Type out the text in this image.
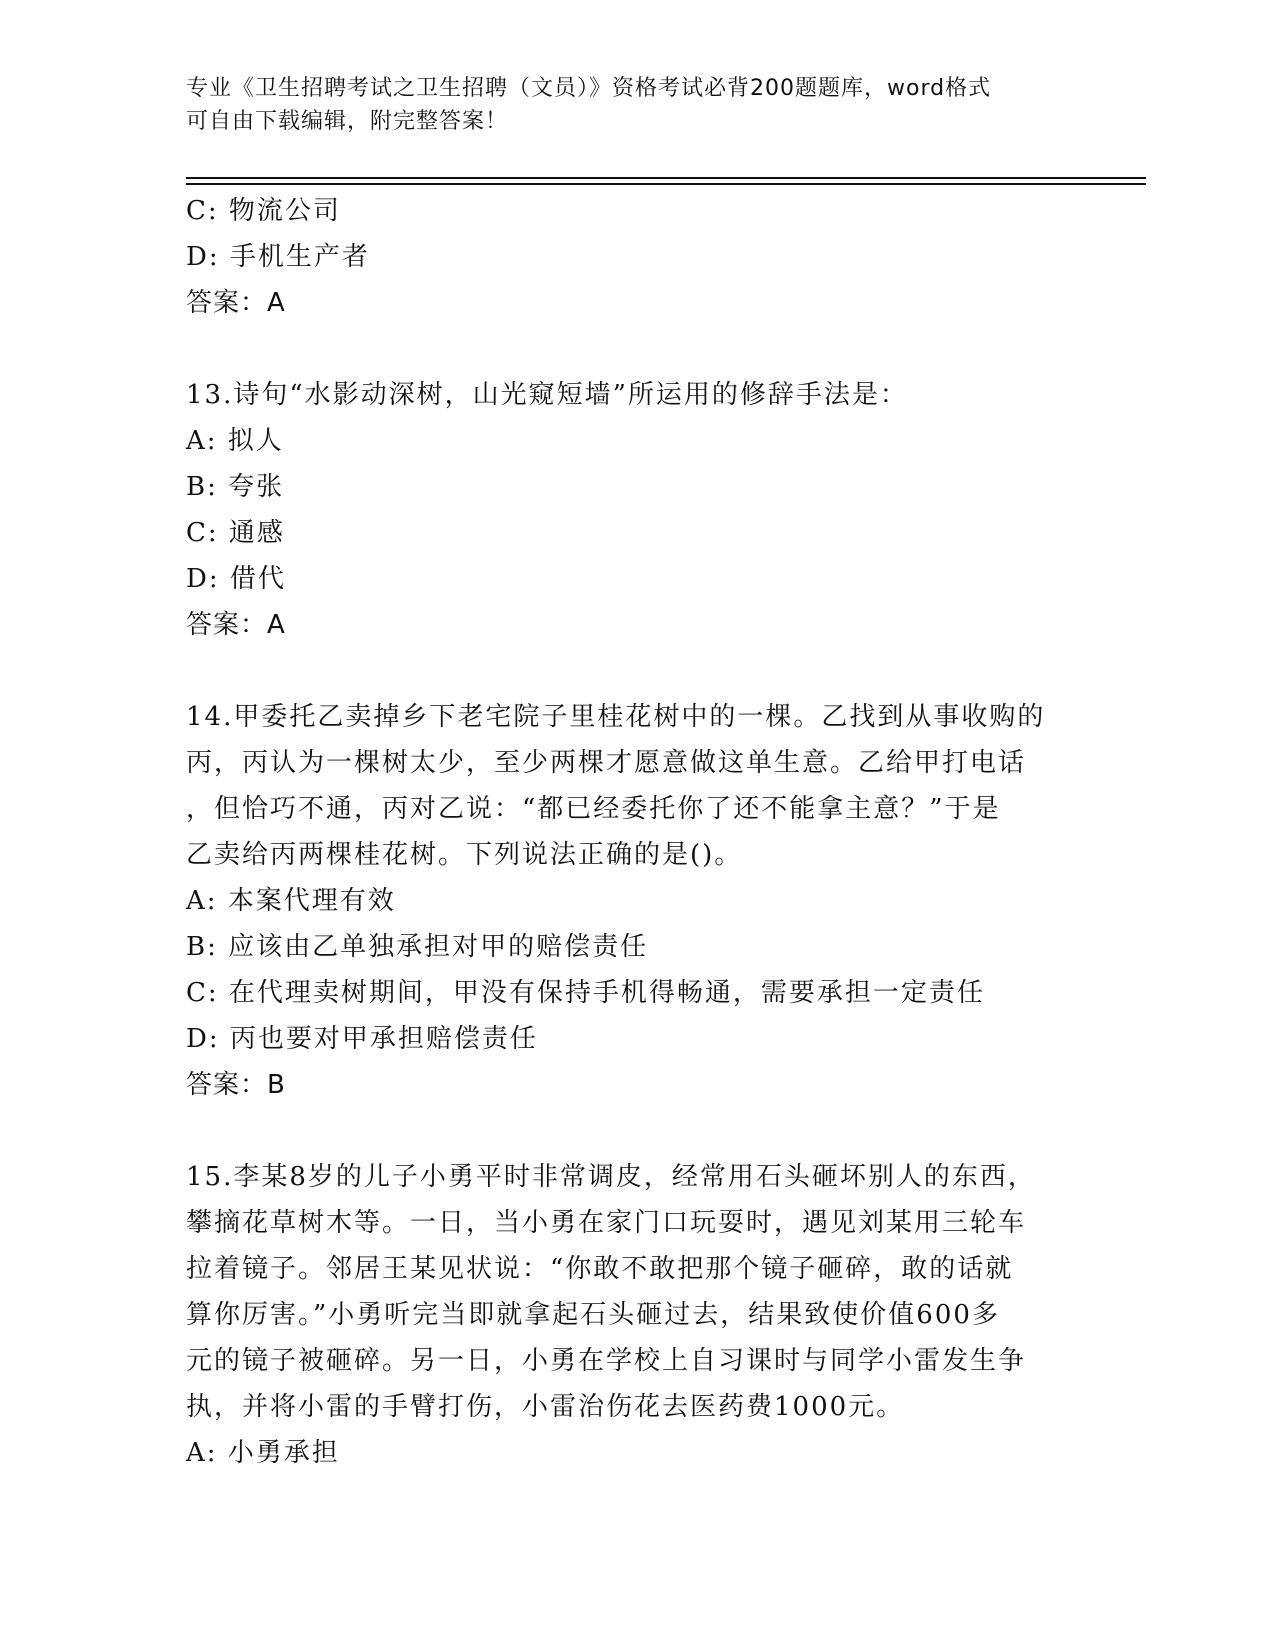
专业《卫生招聘考试之卫生招聘（文员）》资格考试必背200题题库，word格式
可自由下载编辑，附完整答案！
C: 物流公司
D: 手机生产者
答案：A
13.诗句“水影动深树，山光窥短墙”所运用的修辞手法是：
A: 拟人
B: 夸张
C: 通感
D: 借代
答案：A
14.甲委托乙卖掉乡下老宅院子里桂花树中的一棵。乙找到从事收购的
丙，丙认为一棵树太少，至少两棵才愿意做这单生意。乙给甲打电话
，但恰巧不通，丙对乙说：“都已经委托你了还不能拿主意？”于是
乙卖给丙两棵桂花树。下列说法正确的是()。
A: 本案代理有效
B: 应该由乙单独承担对甲的赔偿责任
C: 在代理卖树期间，甲没有保持手机得畅通，需要承担一定责任
D: 丙也要对甲承担赔偿责任
答案：B
15.李某8岁的儿子小勇平时非常调皮，经常用石头砸坏别人的东西，
攀摘花草树木等。一日，当小勇在家门口玩耍时，遇见刘某用三轮车
拉着镜子。邻居王某见状说：“你敢不敢把那个镜子砸碎，敢的话就
算你厉害。”小勇听完当即就拿起石头砸过去，结果致使价值600多
元的镜子被砸碎。另一日，小勇在学校上自习课时与同学小雷发生争
执，并将小雷的手臂打伤，小雷治伤花去医药费1000元。
A: 小勇承担
